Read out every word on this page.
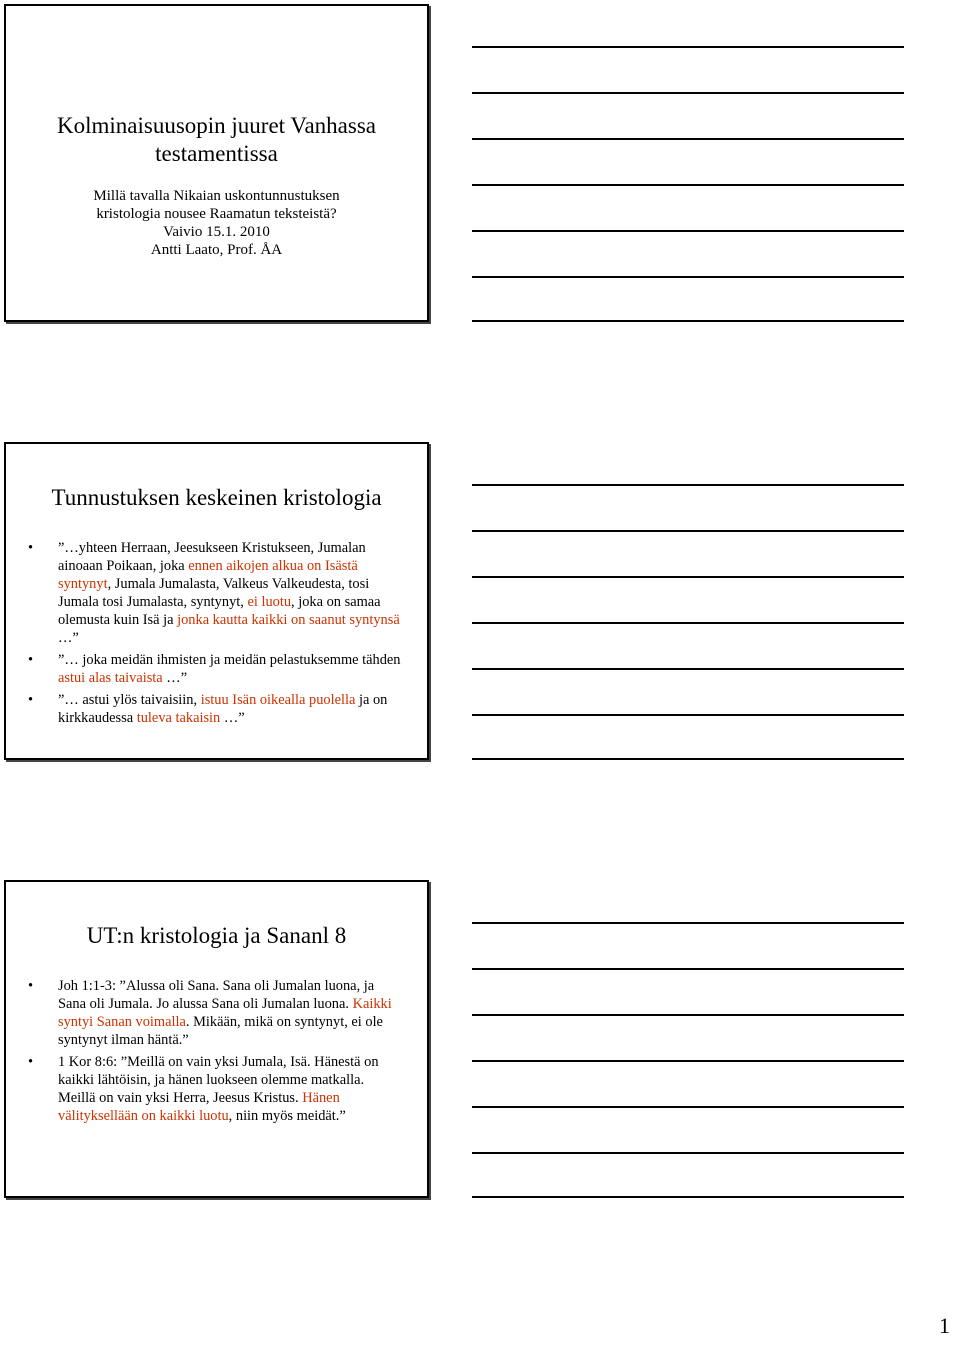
Kolminaisuusopin juuret Vanhassa testamentissa
Millä tavalla Nikaian uskontunnustuksen
kristologia nousee Raamatun teksteistä?
Vaivio 15.1. 2010
Antti Laato, Prof. ÅA
Tunnustuksen keskeinen kristologia
• ”…yhteen Herraan, Jeesukseen Kristukseen, Jumalan ainoaan Poikaan, joka ennen aikojen alkua on Isästä syntynyt, Jumala Jumalasta, Valkeus Valkeudesta, tosi Jumala tosi Jumalasta, syntynyt, ei luotu, joka on samaa olemusta kuin Isä ja jonka kautta kaikki on saanut syntynsä …”
• ”… joka meidän ihmisten ja meidän pelastuksemme tähden astui alas taivaista …”
• ”… astui ylös taivaisiin, istuu Isän oikealla puolella ja on kirkkaudessa tuleva takaisin …”
UT:n kristologia ja Sananl 8
• Joh 1:1-3: ”Alussa oli Sana. Sana oli Jumalan luona, ja Sana oli Jumala. Jo alussa Sana oli Jumalan luona. Kaikki syntyi Sanan voimalla. Mikään, mikä on syntynyt, ei ole syntynyt ilman häntä.”
• 1 Kor 8:6: ”Meillä on vain yksi Jumala, Isä. Hänestä on kaikki lähtöisin, ja hänen luokseen olemme matkalla. Meillä on vain yksi Herra, Jeesus Kristus. Hänen välityksellään on kaikki luotu, niin myös meidät.”
1
